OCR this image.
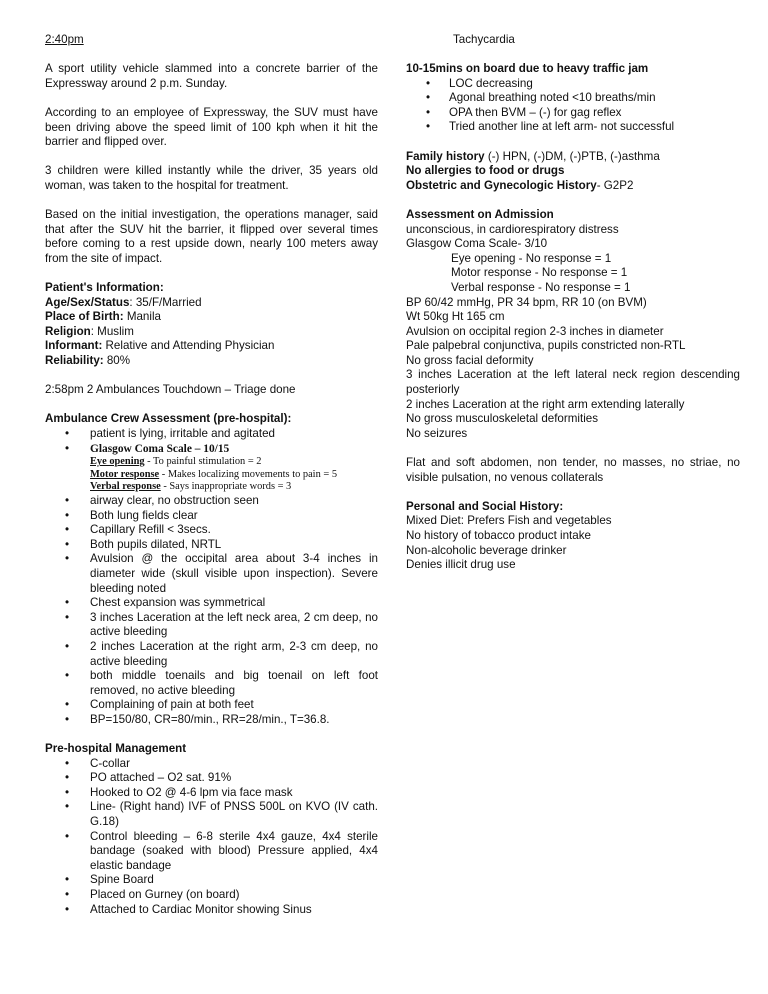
2:40pm

A sport utility vehicle slammed into a concrete barrier of the Expressway around 2 p.m. Sunday.

According to an employee of Expressway, the SUV must have been driving above the speed limit of 100 kph when it hit the barrier and flipped over.

3 children were killed instantly while the driver, 35 years old woman, was taken to the hospital for treatment.

Based on the initial investigation, the operations manager, said that after the SUV hit the barrier, it flipped over several times before coming to a rest upside down, nearly 100 meters away from the site of impact.

Patient's Information:

Age/Sex/Status: 35/F/Married

Place of Birth: Manila

Religion: Muslim

Informant: Relative and Attending Physician

Reliability: 80%

2:58pm 2 Ambulances Touchdown – Triage done

Ambulance Crew Assessment (pre-hospital):

• patient is lying, irritable and agitated
• Glasgow Coma Scale – 10/15
Eye opening - To painful stimulation = 2
Motor response - Makes localizing movements to pain = 5
Verbal response - Says inappropriate words = 3
• airway clear, no obstruction seen
• Both lung fields clear
• Capillary Refill < 3secs.
• Both pupils dilated, NRTL
• Avulsion @ the occipital area about 3-4 inches in diameter wide (skull visible upon inspection). Severe bleeding noted
• Chest expansion was symmetrical
• 3 inches Laceration at the left neck area, 2 cm deep, no active bleeding
• 2 inches Laceration at the right arm, 2-3 cm deep, no active bleeding
• both middle toenails and big toenail on left foot removed, no active bleeding
• Complaining of pain at both feet
• BP=150/80, CR=80/min., RR=28/min., T=36.8.

Pre-hospital Management

• C-collar
• PO attached – O2 sat. 91%
• Hooked to O2 @ 4-6 lpm via face mask
• Line- (Right hand) IVF of PNSS 500L on KVO (IV cath. G.18)
• Control bleeding – 6-8 sterile 4x4 gauze, 4x4 sterile bandage (soaked with blood) Pressure applied, 4x4 elastic bandage
• Spine Board
• Placed on Gurney (on board)
• Attached to Cardiac Monitor showing Sinus

Tachycardia

10-15mins on board due to heavy traffic jam

• LOC decreasing
• Agonal breathing noted <10 breaths/min
• OPA then BVM – (-) for gag reflex
• Tried another line at left arm- not successful

Family history (-) HPN, (-)DM, (-)PTB, (-)asthma

No allergies to food or drugs

Obstetric and Gynecologic History- G2P2

Assessment on Admission

unconscious, in cardiorespiratory distress

Glasgow Coma Scale- 3/10

Eye opening - No response = 1

Motor response - No response = 1

Verbal response - No response = 1

BP 60/42 mmHg, PR 34 bpm, RR 10 (on BVM)

Wt 50kg Ht 165 cm

Avulsion on occipital region 2-3 inches in diameter

Pale palpebral conjunctiva, pupils constricted non-RTL

No gross facial deformity

3 inches Laceration at the left lateral neck region descending posteriorly

2 inches Laceration at the right arm extending laterally

No gross musculoskeletal deformities

No seizures

Flat and soft abdomen, non tender, no masses, no striae, no visible pulsation, no venous collaterals

Personal and Social History:

Mixed Diet: Prefers Fish and vegetables

No history of tobacco product intake

Non-alcoholic beverage drinker

Denies illicit drug use
